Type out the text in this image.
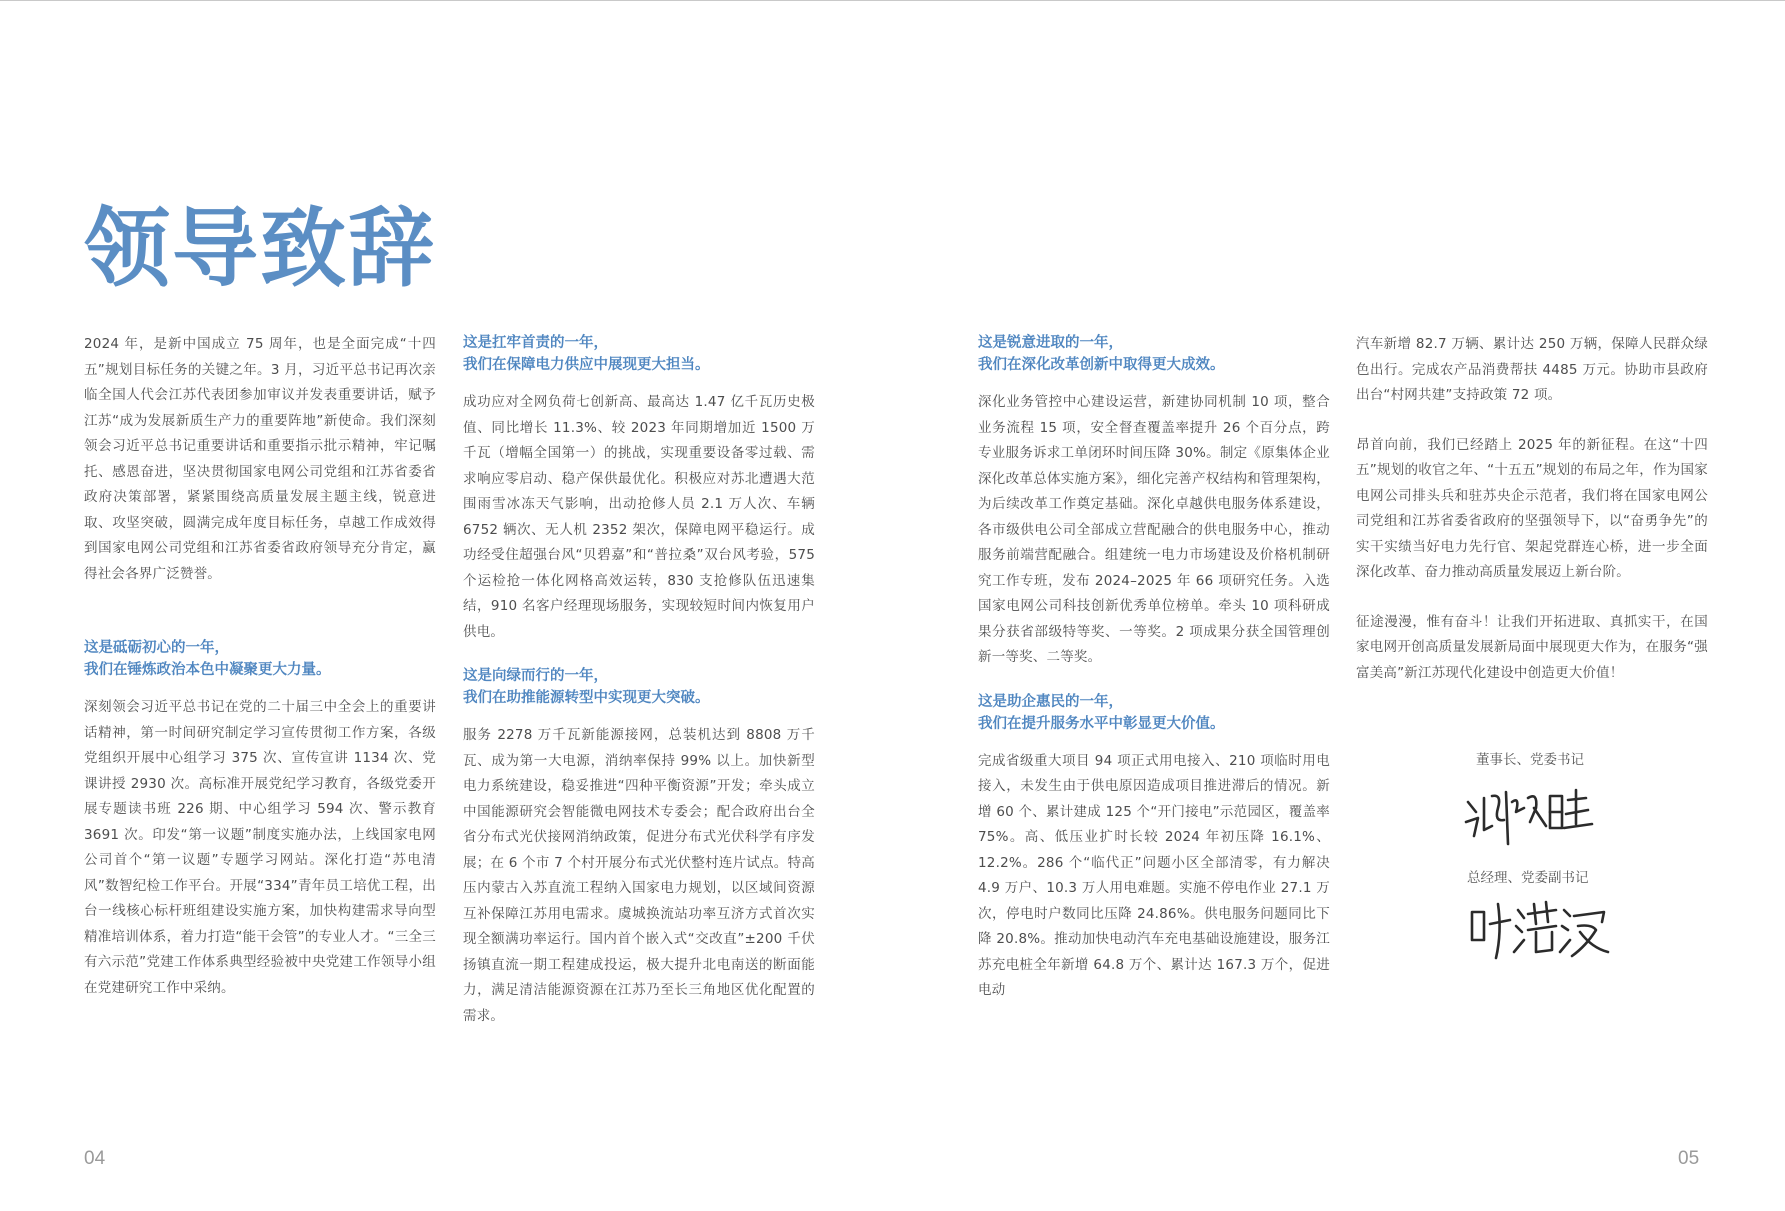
领导致辞

2024 年，是新中国成立 75 周年，也是全面完成“十四五”规划目标任务的关键之年。3 月，习近平总书记再次亲临全国人代会江苏代表团参加审议并发表重要讲话，赋予江苏“成为发展新质生产力的重要阵地”新使命。我们深刻领会习近平总书记重要讲话和重要指示批示精神，牢记嘱托、感恩奋进，坚决贯彻国家电网公司党组和江苏省委省政府决策部署，紧紧围绕高质量发展主题主线，锐意进取、攻坚突破，圆满完成年度目标任务，卓越工作成效得到国家电网公司党组和江苏省委省政府领导充分肯定，赢得社会各界广泛赞誉。

这是砥砺初心的一年，
我们在锤炼政治本色中凝聚更大力量。

深刻领会习近平总书记在党的二十届三中全会上的重要讲话精神，第一时间研究制定学习宣传贯彻工作方案，各级党组织开展中心组学习 375 次、宣传宣讲 1134 次、党课讲授 2930 次。高标准开展党纪学习教育，各级党委开展专题读书班 226 期、中心组学习 594 次、警示教育 3691 次。印发“第一议题”制度实施办法，上线国家电网公司首个“第一议题”专题学习网站。深化打造“苏电清风”数智纪检工作平台。开展“334”青年员工培优工程，出台一线核心标杆班组建设实施方案，加快构建需求导向型精准培训体系，着力打造“能干会管”的专业人才。“三全三有六示范”党建工作体系典型经验被中央党建工作领导小组在党建研究工作中采纳。

这是扛牢首责的一年，
我们在保障电力供应中展现更大担当。

成功应对全网负荷七创新高、最高达 1.47 亿千瓦历史极值、同比增长 11.3%、较 2023 年同期增加近 1500 万千瓦（增幅全国第一）的挑战，实现重要设备零过载、需求响应零启动、稳产保供最优化。积极应对苏北遭遇大范围雨雪冰冻天气影响，出动抢修人员 2.1 万人次、车辆 6752 辆次、无人机 2352 架次，保障电网平稳运行。成功经受住超强台风“贝碧嘉”和“普拉桑”双台风考验，575 个运检抢一体化网格高效运转，830 支抢修队伍迅速集结，910 名客户经理现场服务，实现较短时间内恢复用户供电。

这是向绿而行的一年，
我们在助推能源转型中实现更大突破。

服务 2278 万千瓦新能源接网，总装机达到 8808 万千瓦、成为第一大电源，消纳率保持 99% 以上。加快新型电力系统建设，稳妥推进“四种平衡资源”开发；牵头成立中国能源研究会智能微电网技术专委会；配合政府出台全省分布式光伏接网消纳政策，促进分布式光伏科学有序发展；在 6 个市 7 个村开展分布式光伏整村连片试点。特高压内蒙古入苏直流工程纳入国家电力规划，以区域间资源互补保障江苏用电需求。虞城换流站功率互济方式首次实现全额满功率运行。国内首个嵌入式“交改直”±200 千伏扬镇直流一期工程建成投运，极大提升北电南送的断面能力，满足清洁能源资源在江苏乃至长三角地区优化配置的需求。

这是锐意进取的一年，
我们在深化改革创新中取得更大成效。

深化业务管控中心建设运营，新建协同机制 10 项，整合业务流程 15 项，安全督查覆盖率提升 26 个百分点，跨专业服务诉求工单闭环时间压降 30%。制定《原集体企业深化改革总体实施方案》，细化完善产权结构和管理架构，为后续改革工作奠定基础。深化卓越供电服务体系建设，各市级供电公司全部成立营配融合的供电服务中心，推动服务前端营配融合。组建统一电力市场建设及价格机制研究工作专班，发布 2024–2025 年 66 项研究任务。入选国家电网公司科技创新优秀单位榜单。牵头 10 项科研成果分获省部级特等奖、一等奖。2 项成果分获全国管理创新一等奖、二等奖。

这是助企惠民的一年，
我们在提升服务水平中彰显更大价值。

完成省级重大项目 94 项正式用电接入、210 项临时用电接入，未发生由于供电原因造成项目推进滞后的情况。新增 60 个、累计建成 125 个“开门接电”示范园区，覆盖率 75%。高、低压业扩时长较 2024 年初压降 16.1%、12.2%。286 个“临代正”问题小区全部清零，有力解决 4.9 万户、10.3 万人用电难题。实施不停电作业 27.1 万次，停电时户数同比压降 24.86%。供电服务问题同比下降 20.8%。推动加快电动汽车充电基础设施建设，服务江苏充电桩全年新增 64.8 万个、累计达 167.3 万个，促进电动

汽车新增 82.7 万辆、累计达 250 万辆，保障人民群众绿色出行。完成农产品消费帮扶 4485 万元。协助市县政府出台“村网共建”支持政策 72 项。

昂首向前，我们已经踏上 2025 年的新征程。在这“十四五”规划的收官之年、“十五五”规划的布局之年，作为国家电网公司排头兵和驻苏央企示范者，我们将在国家电网公司党组和江苏省委省政府的坚强领导下，以“奋勇争先”的实干实绩当好电力先行官、架起党群连心桥，进一步全面深化改革、奋力推动高质量发展迈上新台阶。

征途漫漫，惟有奋斗！让我们开拓进取、真抓实干，在国家电网开创高质量发展新局面中展现更大作为，在服务“强富美高”新江苏现代化建设中创造更大价值！

董事长、党委书记
总经理、党委副书记
04	05
